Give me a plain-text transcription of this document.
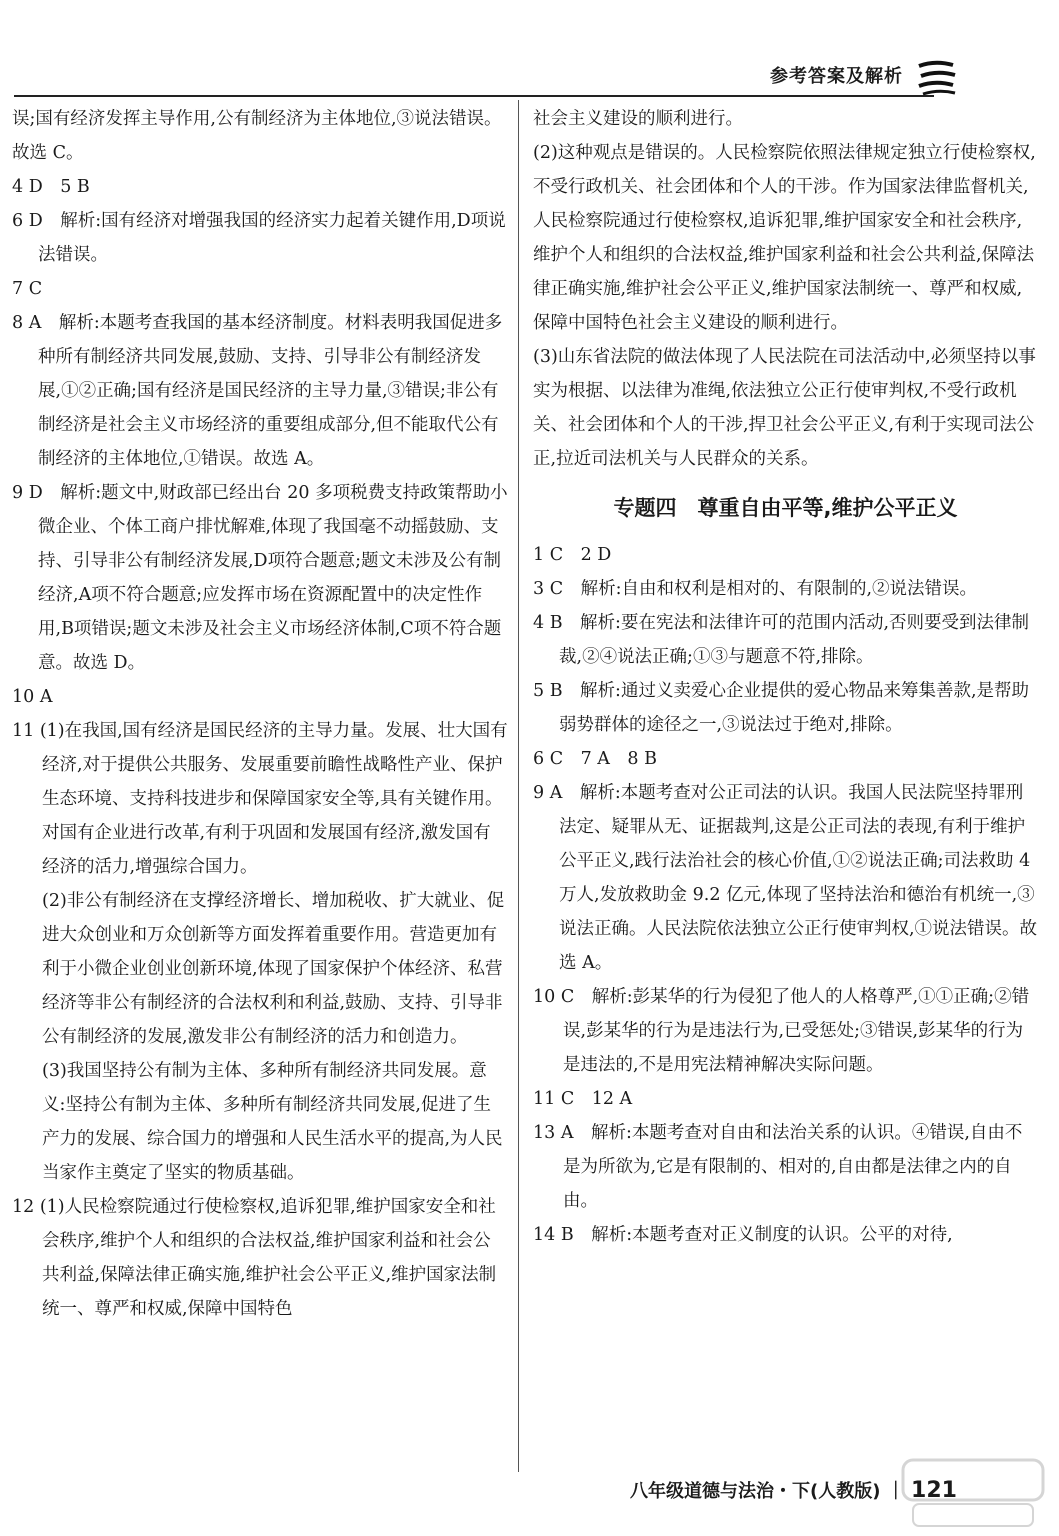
参考答案及解析

误;国有经济发挥主导作用,公有制经济为主体地位,③说法错误。故选 C。

4 D　5 B

6 D　解析:国有经济对增强我国的经济实力起着关键作用,D项说法错误。

7 C

8 A　解析:本题考查我国的基本经济制度。材料表明我国促进多种所有制经济共同发展,鼓励、支持、引导非公有制经济发展,①②正确;国有经济是国民经济的主导力量,③错误;非公有制经济是社会主义市场经济的重要组成部分,但不能取代公有制经济的主体地位,①错误。故选 A。

9 D　解析:题文中,财政部已经出台 20 多项税费支持政策帮助小微企业、个体工商户排忧解难,体现了我国毫不动摇鼓励、支持、引导非公有制经济发展,D项符合题意;题文未涉及公有制经济,A项不符合题意;应发挥市场在资源配置中的决定性作用,B项错误;题文未涉及社会主义市场经济体制,C项不符合题意。故选 D。

10 A

11 (1)在我国,国有经济是国民经济的主导力量。发展、壮大国有经济,对于提供公共服务、发展重要前瞻性战略性产业、保护生态环境、支持科技进步和保障国家安全等,具有关键作用。对国有企业进行改革,有利于巩固和发展国有经济,激发国有经济的活力,增强综合国力。

(2)非公有制经济在支撑经济增长、增加税收、扩大就业、促进大众创业和万众创新等方面发挥着重要作用。营造更加有利于小微企业创业创新环境,体现了国家保护个体经济、私营经济等非公有制经济的合法权利和利益,鼓励、支持、引导非公有制经济的发展,激发非公有制经济的活力和创造力。

(3)我国坚持公有制为主体、多种所有制经济共同发展。意义:坚持公有制为主体、多种所有制经济共同发展,促进了生产力的发展、综合国力的增强和人民生活水平的提高,为人民当家作主奠定了坚实的物质基础。

12 (1)人民检察院通过行使检察权,追诉犯罪,维护国家安全和社会秩序,维护个人和组织的合法权益,维护国家利益和社会公共利益,保障法律正确实施,维护社会公平正义,维护国家法制统一、尊严和权威,保障中国特色

社会主义建设的顺利进行。

(2)这种观点是错误的。人民检察院依照法律规定独立行使检察权,不受行政机关、社会团体和个人的干涉。作为国家法律监督机关,人民检察院通过行使检察权,追诉犯罪,维护国家安全和社会秩序,维护个人和组织的合法权益,维护国家利益和社会公共利益,保障法律正确实施,维护社会公平正义,维护国家法制统一、尊严和权威,保障中国特色社会主义建设的顺利进行。

(3)山东省法院的做法体现了人民法院在司法活动中,必须坚持以事实为根据、以法律为准绳,依法独立公正行使审判权,不受行政机关、社会团体和个人的干涉,捍卫社会公平正义,有利于实现司法公正,拉近司法机关与人民群众的关系。

专题四　尊重自由平等,维护公平正义

1 C　2 D

3 C　解析:自由和权利是相对的、有限制的,②说法错误。

4 B　解析:要在宪法和法律许可的范围内活动,否则要受到法律制裁,②④说法正确;①③与题意不符,排除。

5 B　解析:通过义卖爱心企业提供的爱心物品来筹集善款,是帮助弱势群体的途径之一,③说法过于绝对,排除。

6 C　7 A　8 B

9 A　解析:本题考查对公正司法的认识。我国人民法院坚持罪刑法定、疑罪从无、证据裁判,这是公正司法的表现,有利于维护公平正义,践行法治社会的核心价值,①②说法正确;司法救助 4 万人,发放救助金 9.2 亿元,体现了坚持法治和德治有机统一,③说法正确。人民法院依法独立公正行使审判权,①说法错误。故选 A。

10 C　解析:彭某华的行为侵犯了他人的人格尊严,①①正确;②错误,彭某华的行为是违法行为,已受惩处;③错误,彭某华的行为是违法的,不是用宪法精神解决实际问题。

11 C　12 A

13 A　解析:本题考查对自由和法治关系的认识。④错误,自由不是为所欲为,它是有限制的、相对的,自由都是法律之内的自由。

14 B　解析:本题考查对正义制度的认识。公平的对待,

八年级道德与法治・下(人教版) ｜ 121
